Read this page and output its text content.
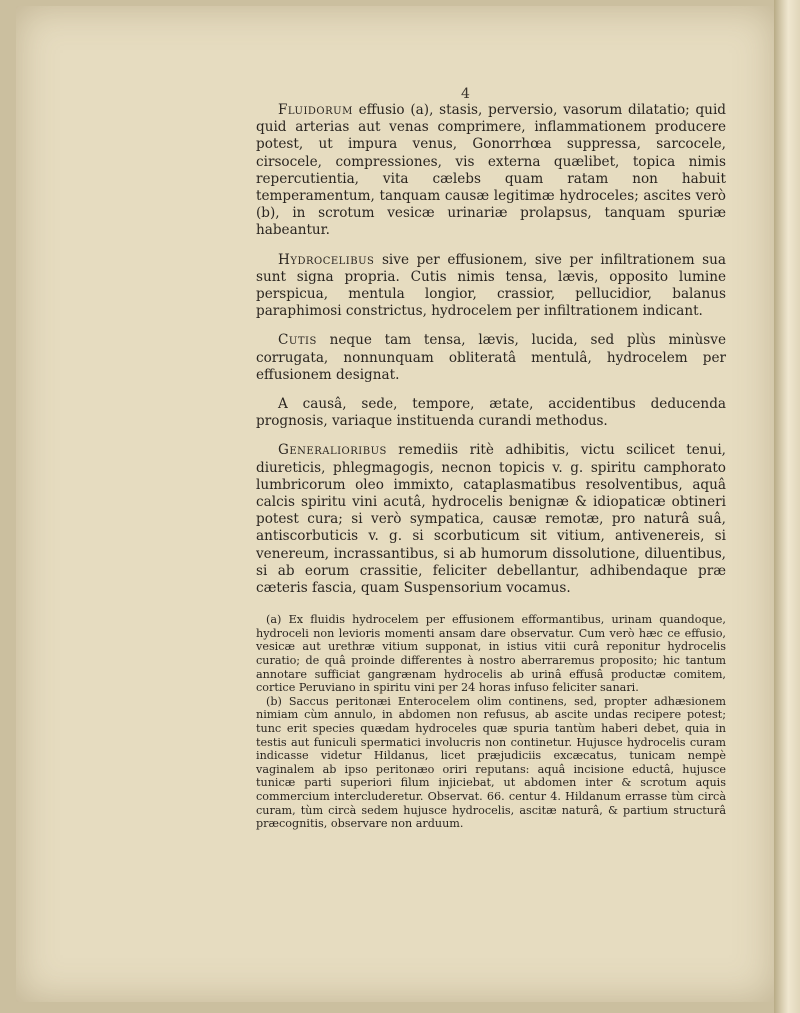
4

Fluidorum effusio (a), stasis, perversio, vasorum dilatatio; quid quid arterias aut venas comprimere, inflammationem producere potest, ut impura venus, Gonorrhœa suppressa, sarcocele, cirsocele, compressiones, vis externa quælibet, topica nimis repercutientia, vita cælebs quam ratam non habuit temperamentum, tanquam causæ legitimæ hydroceles; ascites verò (b), in scrotum vesicæ urinariæ prolapsus, tanquam spuriæ habeantur.

Hydrocelibus sive per effusionem, sive per infiltrationem sua sunt signa propria. Cutis nimis tensa, lævis, opposito lumine perspicua, mentula longior, crassior, pellucidior, balanus paraphimosi constrictus, hydrocelem per infiltrationem indicant.

Cutis neque tam tensa, lævis, lucida, sed plùs minùsve corrugata, nonnunquam obliteratâ mentulâ, hydrocelem per effusionem designat.

A causâ, sede, tempore, ætate, accidentibus deducenda prognosis, variaque instituenda curandi methodus.

Generalioribus remediis ritè adhibitis, victu scilicet tenui, diureticis, phlegmagogis, necnon topicis v. g. spiritu camphorato lumbricorum oleo immixto, cataplasmatibus resolventibus, aquâ calcis spiritu vini acutâ, hydrocelis benignæ & idiopaticæ obtineri potest cura; si verò sympatica, causæ remotæ, pro naturâ suâ, antiscorbuticis v. g. si scorbuticum sit vitium, antivenereis, si venereum, incrassantibus, si ab humorum dissolutione, diluentibus, si ab eorum crassitie, feliciter debellantur, adhibendaque præ cæteris fascia, quam Suspensorium vocamus.

(a) Ex fluidis hydrocelem per effusionem efformantibus, urinam quandoque, hydroceli non levioris momenti ansam dare observatur. Cum verò hæc ce effusio, vesicæ aut urethræ vitium supponat, in istius vitii curâ reponitur hydrocelis curatio; de quâ proinde differentes à nostro aberraremus proposito; hic tantum annotare sufficiat gangrænam hydrocelis ab urinâ effusâ productæ comitem, cortice Peruviano in spiritu vini per 24 horas infuso feliciter sanari.

(b) Saccus peritonæi Enterocelem olim continens, sed, propter adhæsionem nimiam cùm annulo, in abdomen non refusus, ab ascite undas recipere potest; tunc erit species quædam hydroceles quæ spuria tantùm haberi debet, quia in testis aut funiculi spermatici involucris non continetur. Hujusce hydrocelis curam indicasse videtur Hildanus, licet præjudiciis excæcatus, tunicam nempè vaginalem ab ipso peritonæo oriri reputans: aquâ incisione eductâ, hujusce tunicæ parti superiori filum injiciebat, ut abdomen inter & scrotum aquis commercium intercluderetur. Observat. 66. centur 4. Hildanum errasse tùm circà curam, tùm circà sedem hujusce hydrocelis, ascitæ naturâ, & partium structurâ præcognitis, observare non arduum.
